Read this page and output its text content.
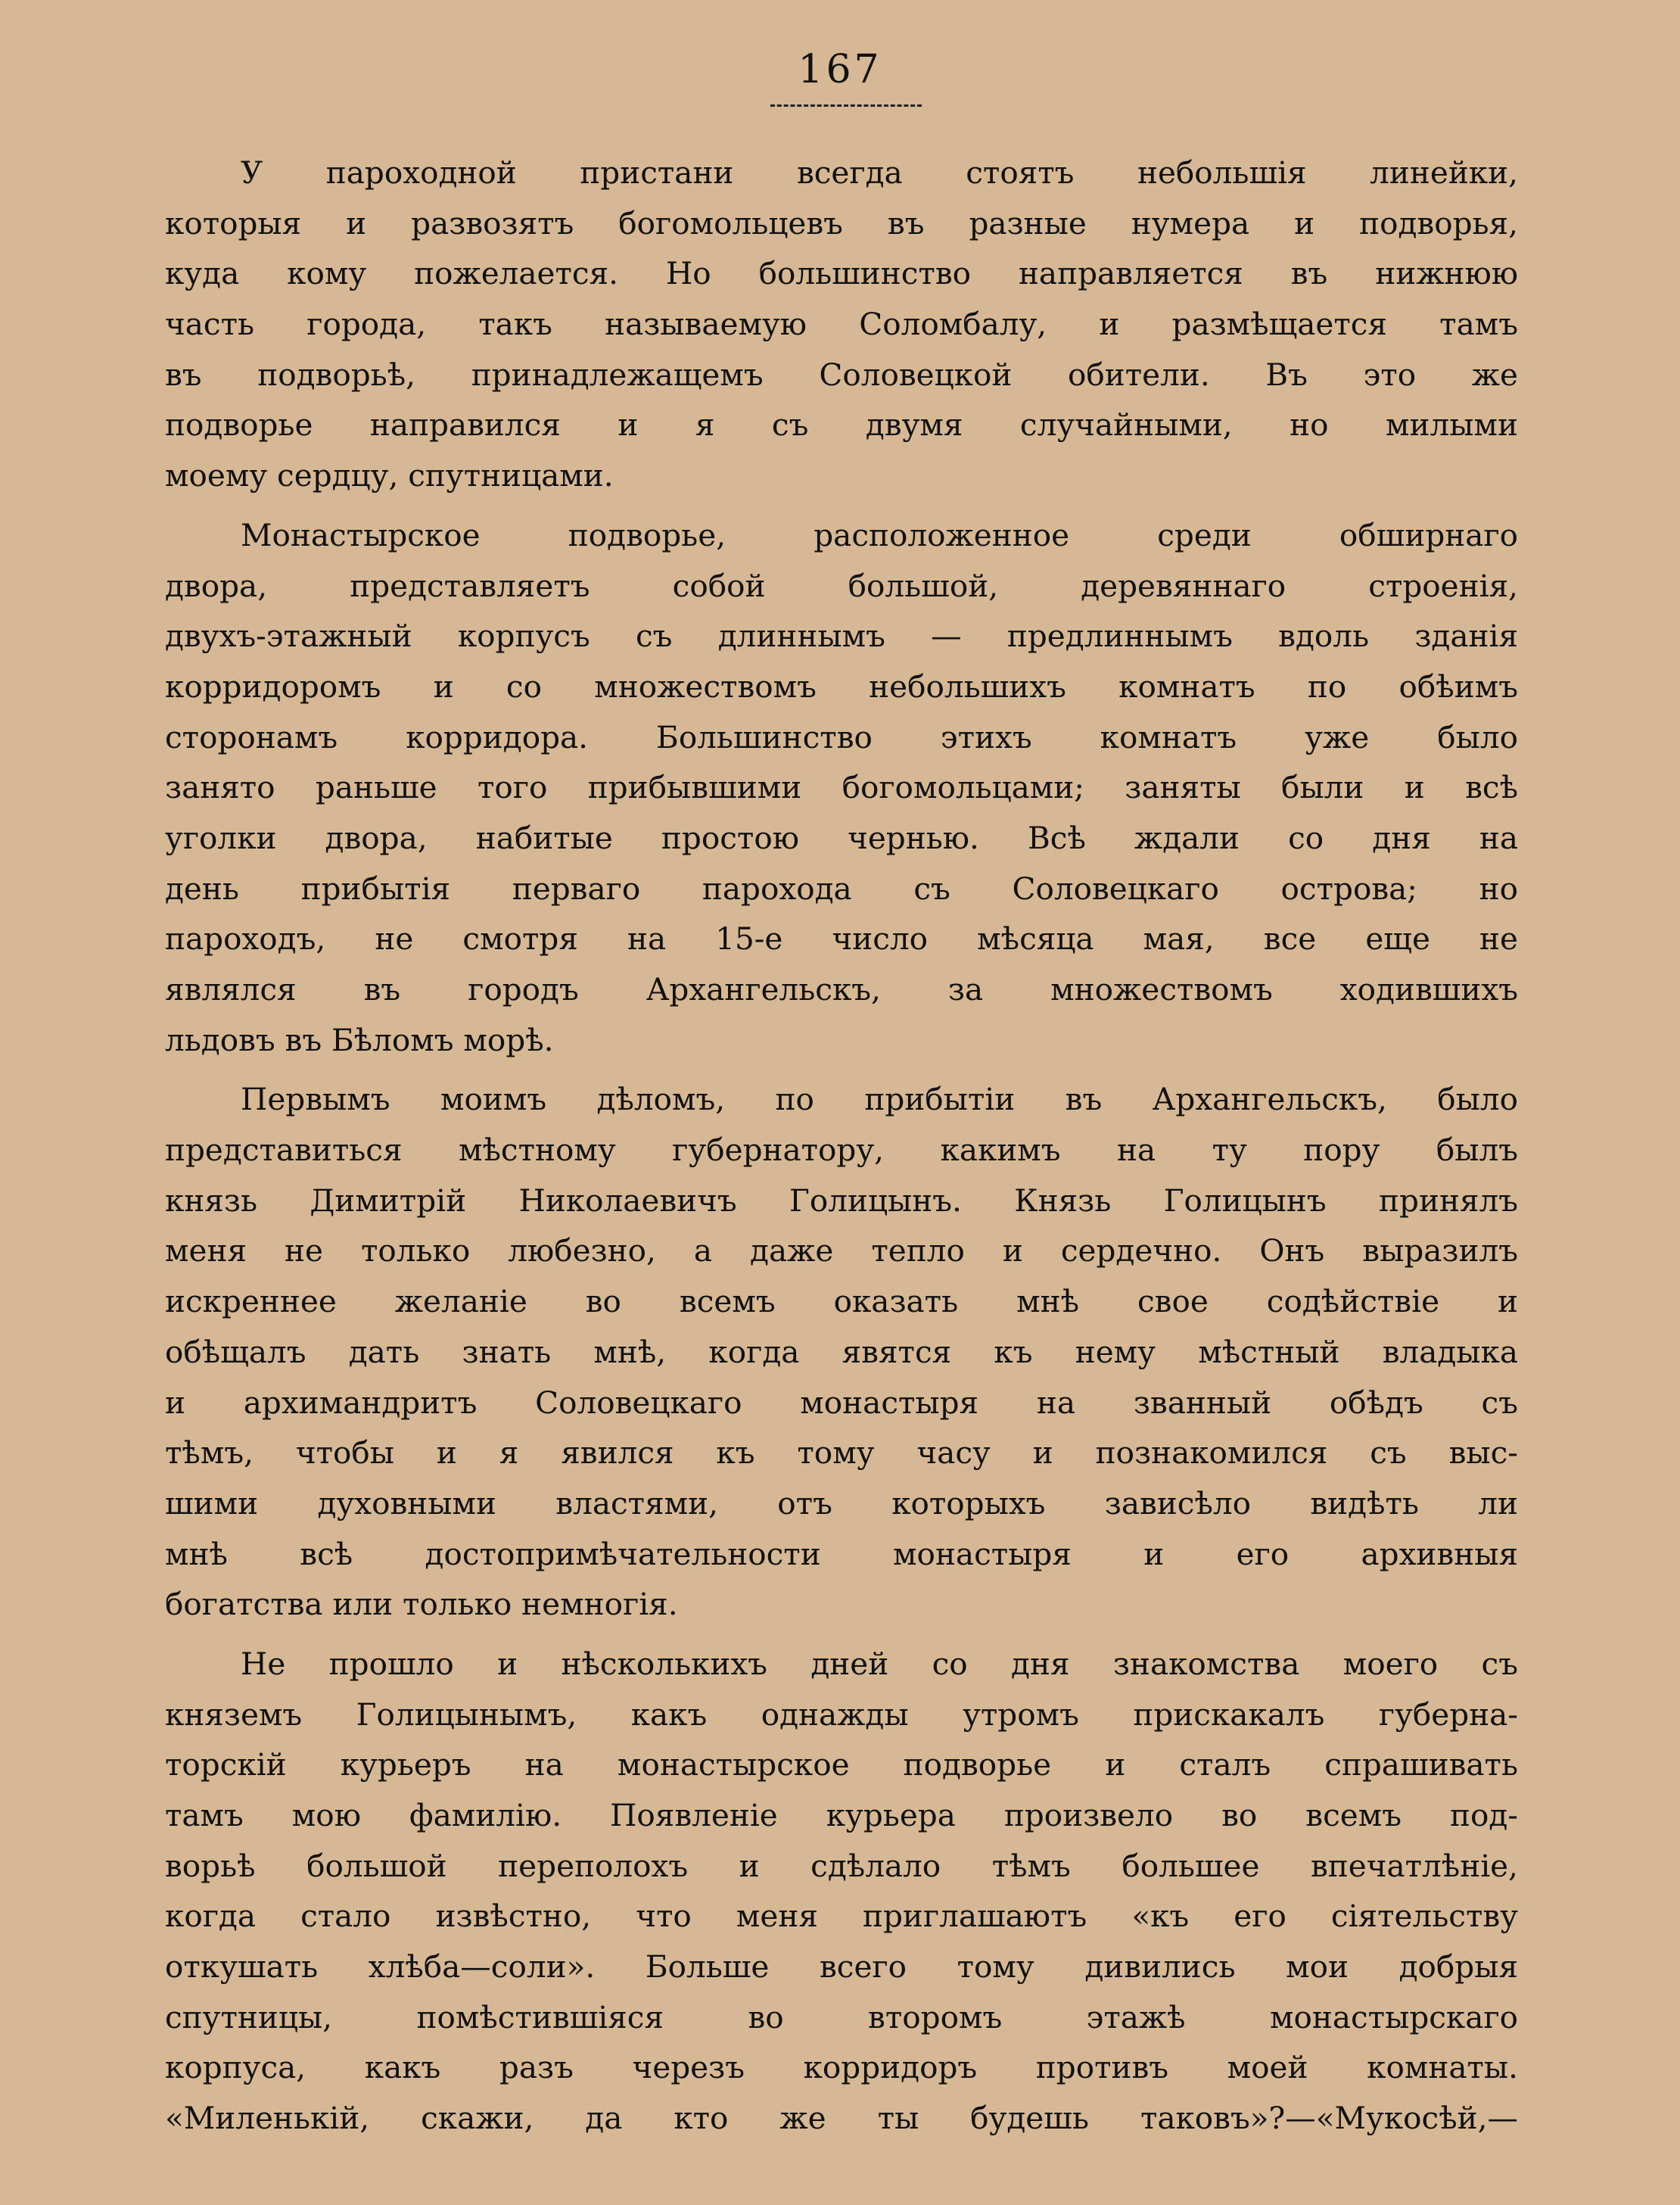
167
У пароходной пристани всегда стоятъ небольшія линейки,
которыя и развозятъ богомольцевъ въ разные нумера и подворья,
куда кому пожелается. Но большинство направляется въ нижнюю
часть города, такъ называемую Соломбалу, и размѣщается тамъ
въ подворьѣ, принадлежащемъ Соловецкой обители. Въ это же
подворье направился и я съ двумя случайными, но милыми
моему сердцу, спутницами.
Монастырское подворье, расположенное среди обширнаго
двора, представляетъ собой большой, деревяннаго строенія,
двухъ-этажный корпусъ съ длиннымъ — предлиннымъ вдоль зданія
корридоромъ и со множествомъ небольшихъ комнатъ по обѣимъ
сторонамъ корридора. Большинство этихъ комнатъ уже было
занято раньше того прибывшими богомольцами; заняты были и всѣ
уголки двора, набитые простою чернью. Всѣ ждали со дня на
день прибытія перваго парохода съ Соловецкаго острова; но
пароходъ, не смотря на 15-е число мѣсяца мая, все еще не
являлся въ городъ Архангельскъ, за множествомъ ходившихъ
льдовъ въ Бѣломъ морѣ.
Первымъ моимъ дѣломъ, по прибытіи въ Архангельскъ, было
представиться мѣстному губернатору, какимъ на ту пору былъ
князь Димитрій Николаевичъ Голицынъ. Князь Голицынъ принялъ
меня не только любезно, а даже тепло и сердечно. Онъ выразилъ
искреннее желаніе во всемъ оказать мнѣ свое содѣйствіе и
обѣщалъ дать знать мнѣ, когда явятся къ нему мѣстный владыка
и архимандритъ Соловецкаго монастыря на званный обѣдъ съ
тѣмъ, чтобы и я явился къ тому часу и познакомился съ выс-
шими духовными властями, отъ которыхъ зависѣло видѣть ли
мнѣ всѣ достопримѣчательности монастыря и его архивныя
богатства или только немногія.
Не прошло и нѣсколькихъ дней со дня знакомства моего съ
княземъ Голицынымъ, какъ однажды утромъ прискакалъ губерна-
торскій курьеръ на монастырское подворье и сталъ спрашивать
тамъ мою фамилію. Появленіе курьера произвело во всемъ под-
ворьѣ большой переполохъ и сдѣлало тѣмъ большее впечатлѣніе,
когда стало извѣстно, что меня приглашаютъ «къ его сіятельству
откушать хлѣба—соли». Больше всего тому дивились мои добрыя
спутницы, помѣстившіяся во второмъ этажѣ монастырскаго
корпуса, какъ разъ черезъ корридоръ противъ моей комнаты.
«Миленькій, скажи, да кто же ты будешь таковъ»?—«Мукосѣй,—
